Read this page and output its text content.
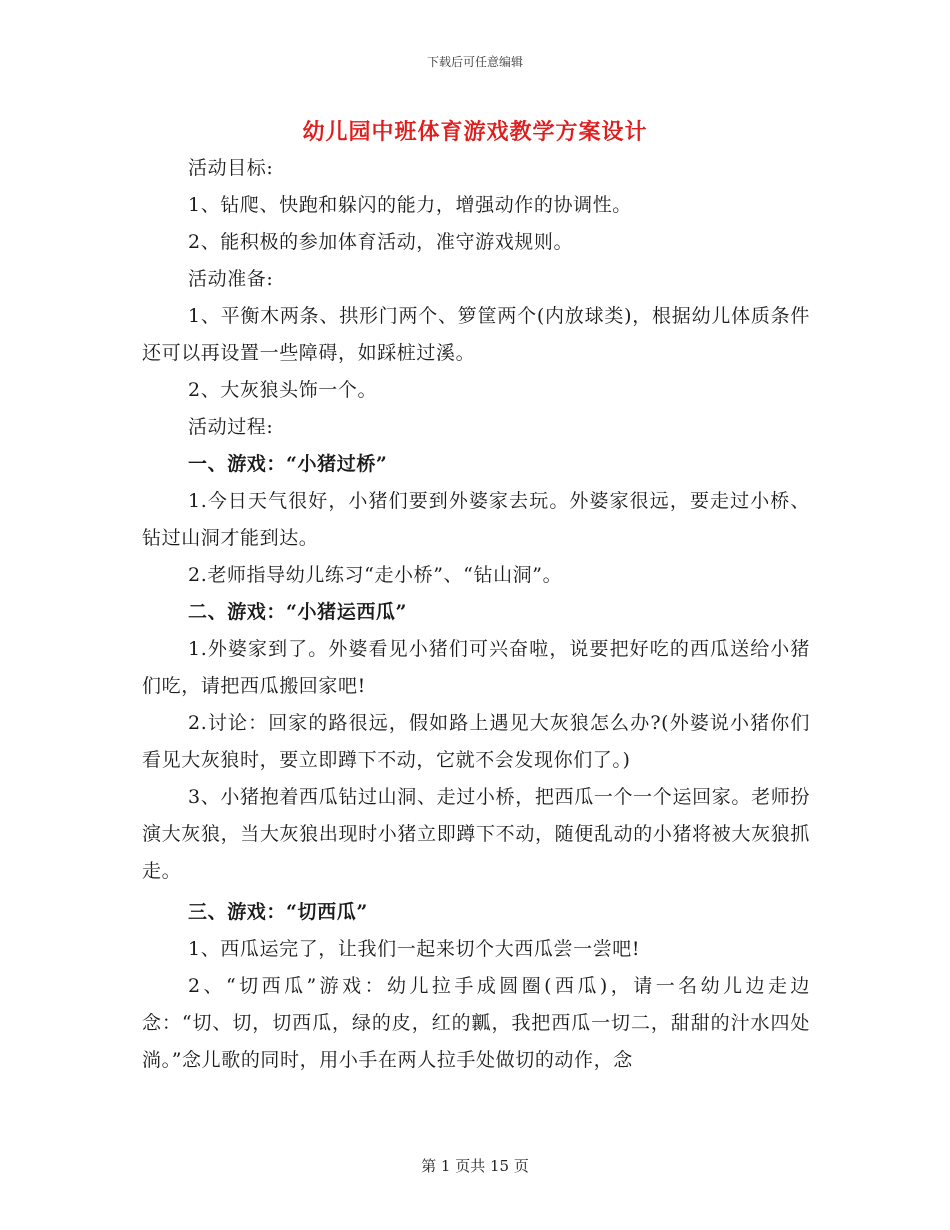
下载后可任意编辑
幼儿园中班体育游戏教学方案设计

活动目标:

1、钻爬、快跑和躲闪的能力，增强动作的协调性。

2、能积极的参加体育活动，准守游戏规则。

活动准备:

1、平衡木两条、拱形门两个、箩筐两个(内放球类)，根据幼儿体质条件还可以再设置一些障碍，如踩桩过溪。

2、大灰狼头饰一个。

活动过程:

一、游戏：“小猪过桥”

1.今日天气很好，小猪们要到外婆家去玩。外婆家很远，要走过小桥、钻过山洞才能到达。

2.老师指导幼儿练习“走小桥”、“钻山洞”。

二、游戏：“小猪运西瓜”

1.外婆家到了。外婆看见小猪们可兴奋啦，说要把好吃的西瓜送给小猪们吃，请把西瓜搬回家吧!

2.讨论：回家的路很远，假如路上遇见大灰狼怎么办?(外婆说小猪你们看见大灰狼时，要立即蹲下不动，它就不会发现你们了。)

3、小猪抱着西瓜钻过山洞、走过小桥，把西瓜一个一个运回家。老师扮演大灰狼，当大灰狼出现时小猪立即蹲下不动，随便乱动的小猪将被大灰狼抓走。

三、游戏：“切西瓜”

1、西瓜运完了，让我们一起来切个大西瓜尝一尝吧!

2、“切西瓜”游戏：幼儿拉手成圆圈(西瓜)，请一名幼儿边走边念：“切、切，切西瓜，绿的皮，红的瓤，我把西瓜一切二，甜甜的汁水四处淌。”念儿歌的同时，用小手在两人拉手处做切的动作，念

第 1 页共 15 页
